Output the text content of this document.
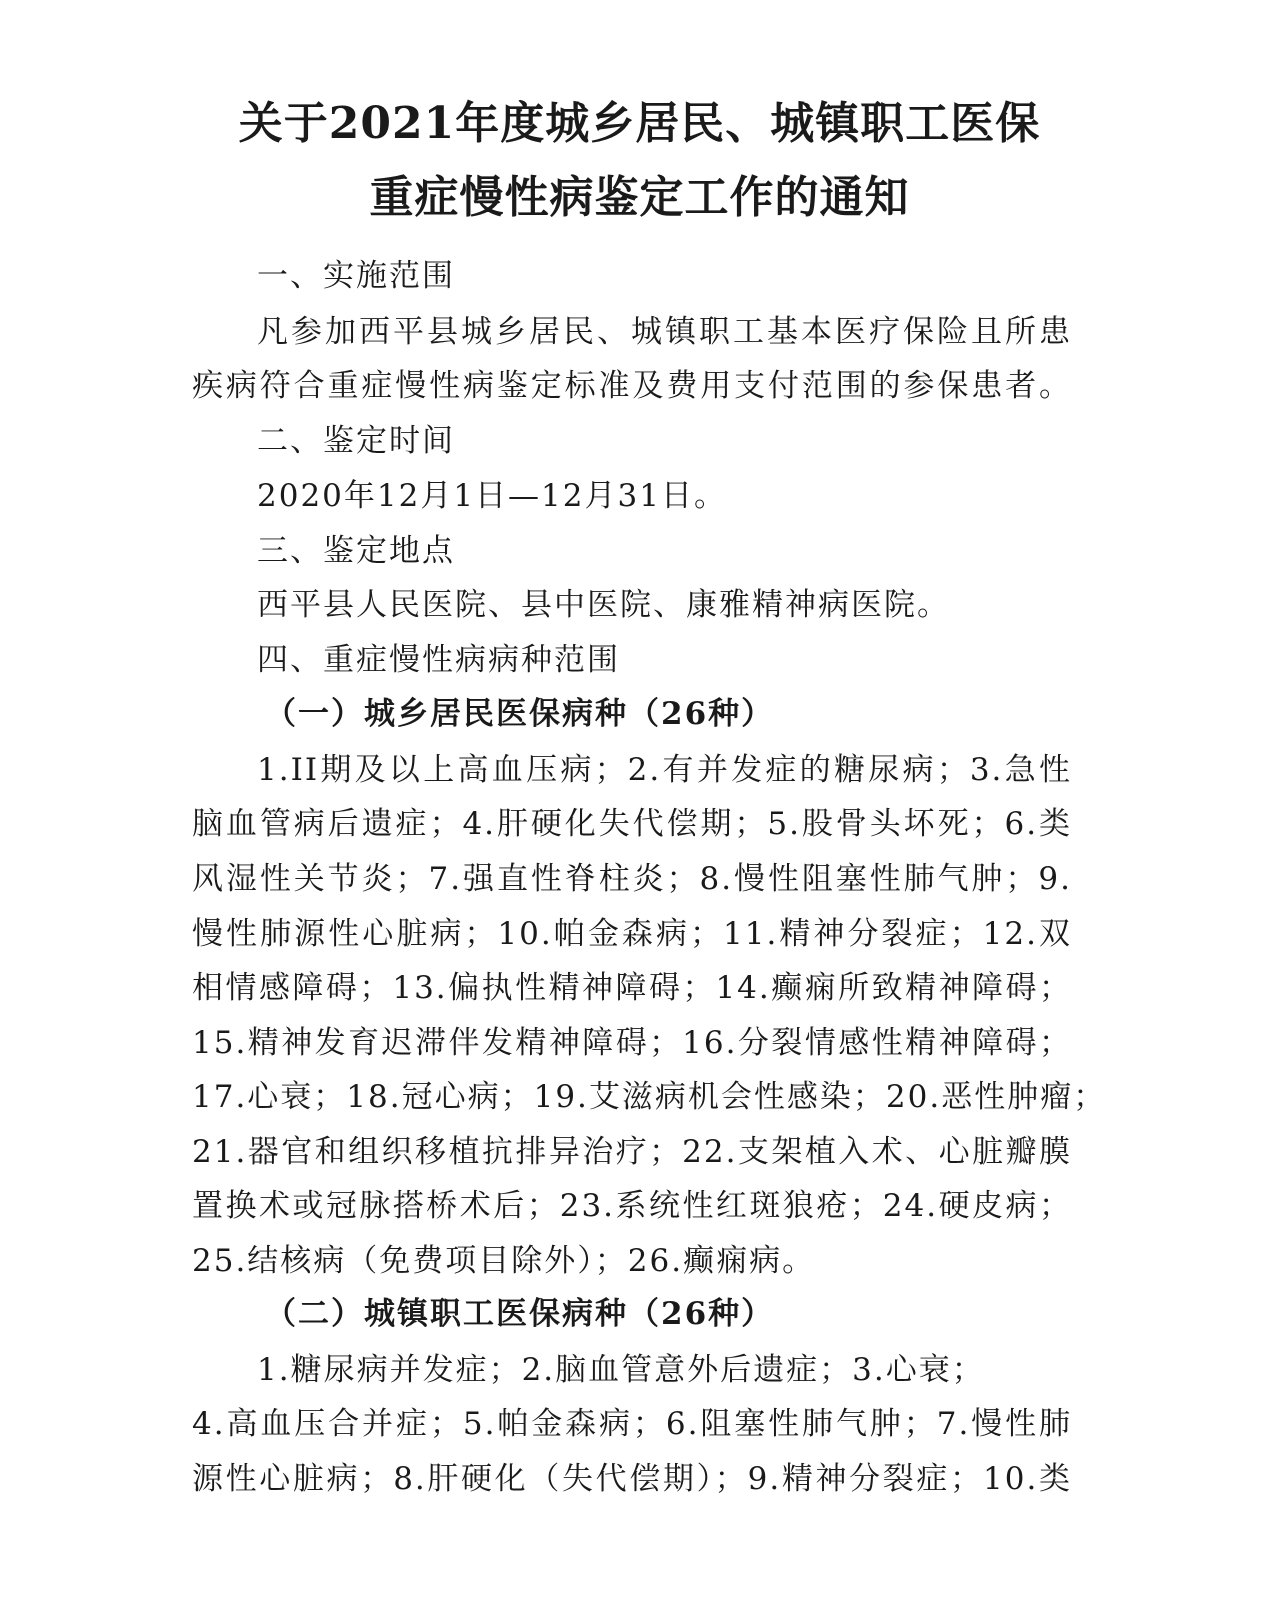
关于2021年度城乡居民、城镇职工医保
重症慢性病鉴定工作的通知
一、实施范围
凡参加西平县城乡居民、城镇职工基本医疗保险且所患
疾病符合重症慢性病鉴定标准及费用支付范围的参保患者。
二、鉴定时间
2020年12月1日—12月31日。
三、鉴定地点
西平县人民医院、县中医院、康雅精神病医院。
四、重症慢性病病种范围
（一）城乡居民医保病种（26种）
1.II期及以上高血压病；2.有并发症的糖尿病；3.急性
脑血管病后遗症；4.肝硬化失代偿期；5.股骨头坏死；6.类
风湿性关节炎；7.强直性脊柱炎；8.慢性阻塞性肺气肿；9.
慢性肺源性心脏病；10.帕金森病；11.精神分裂症；12.双
相情感障碍；13.偏执性精神障碍；14.癫痫所致精神障碍；
15.精神发育迟滞伴发精神障碍；16.分裂情感性精神障碍；
17.心衰；18.冠心病；19.艾滋病机会性感染；20.恶性肿瘤；
21.器官和组织移植抗排异治疗；22.支架植入术、心脏瓣膜
置换术或冠脉搭桥术后；23.系统性红斑狼疮；24.硬皮病；
25.结核病（免费项目除外）；26.癫痫病。
（二）城镇职工医保病种（26种）
1.糖尿病并发症；2.脑血管意外后遗症；3.心衰；
4.高血压合并症；5.帕金森病；6.阻塞性肺气肿；7.慢性肺
源性心脏病；8.肝硬化（失代偿期）；9.精神分裂症；10.类
